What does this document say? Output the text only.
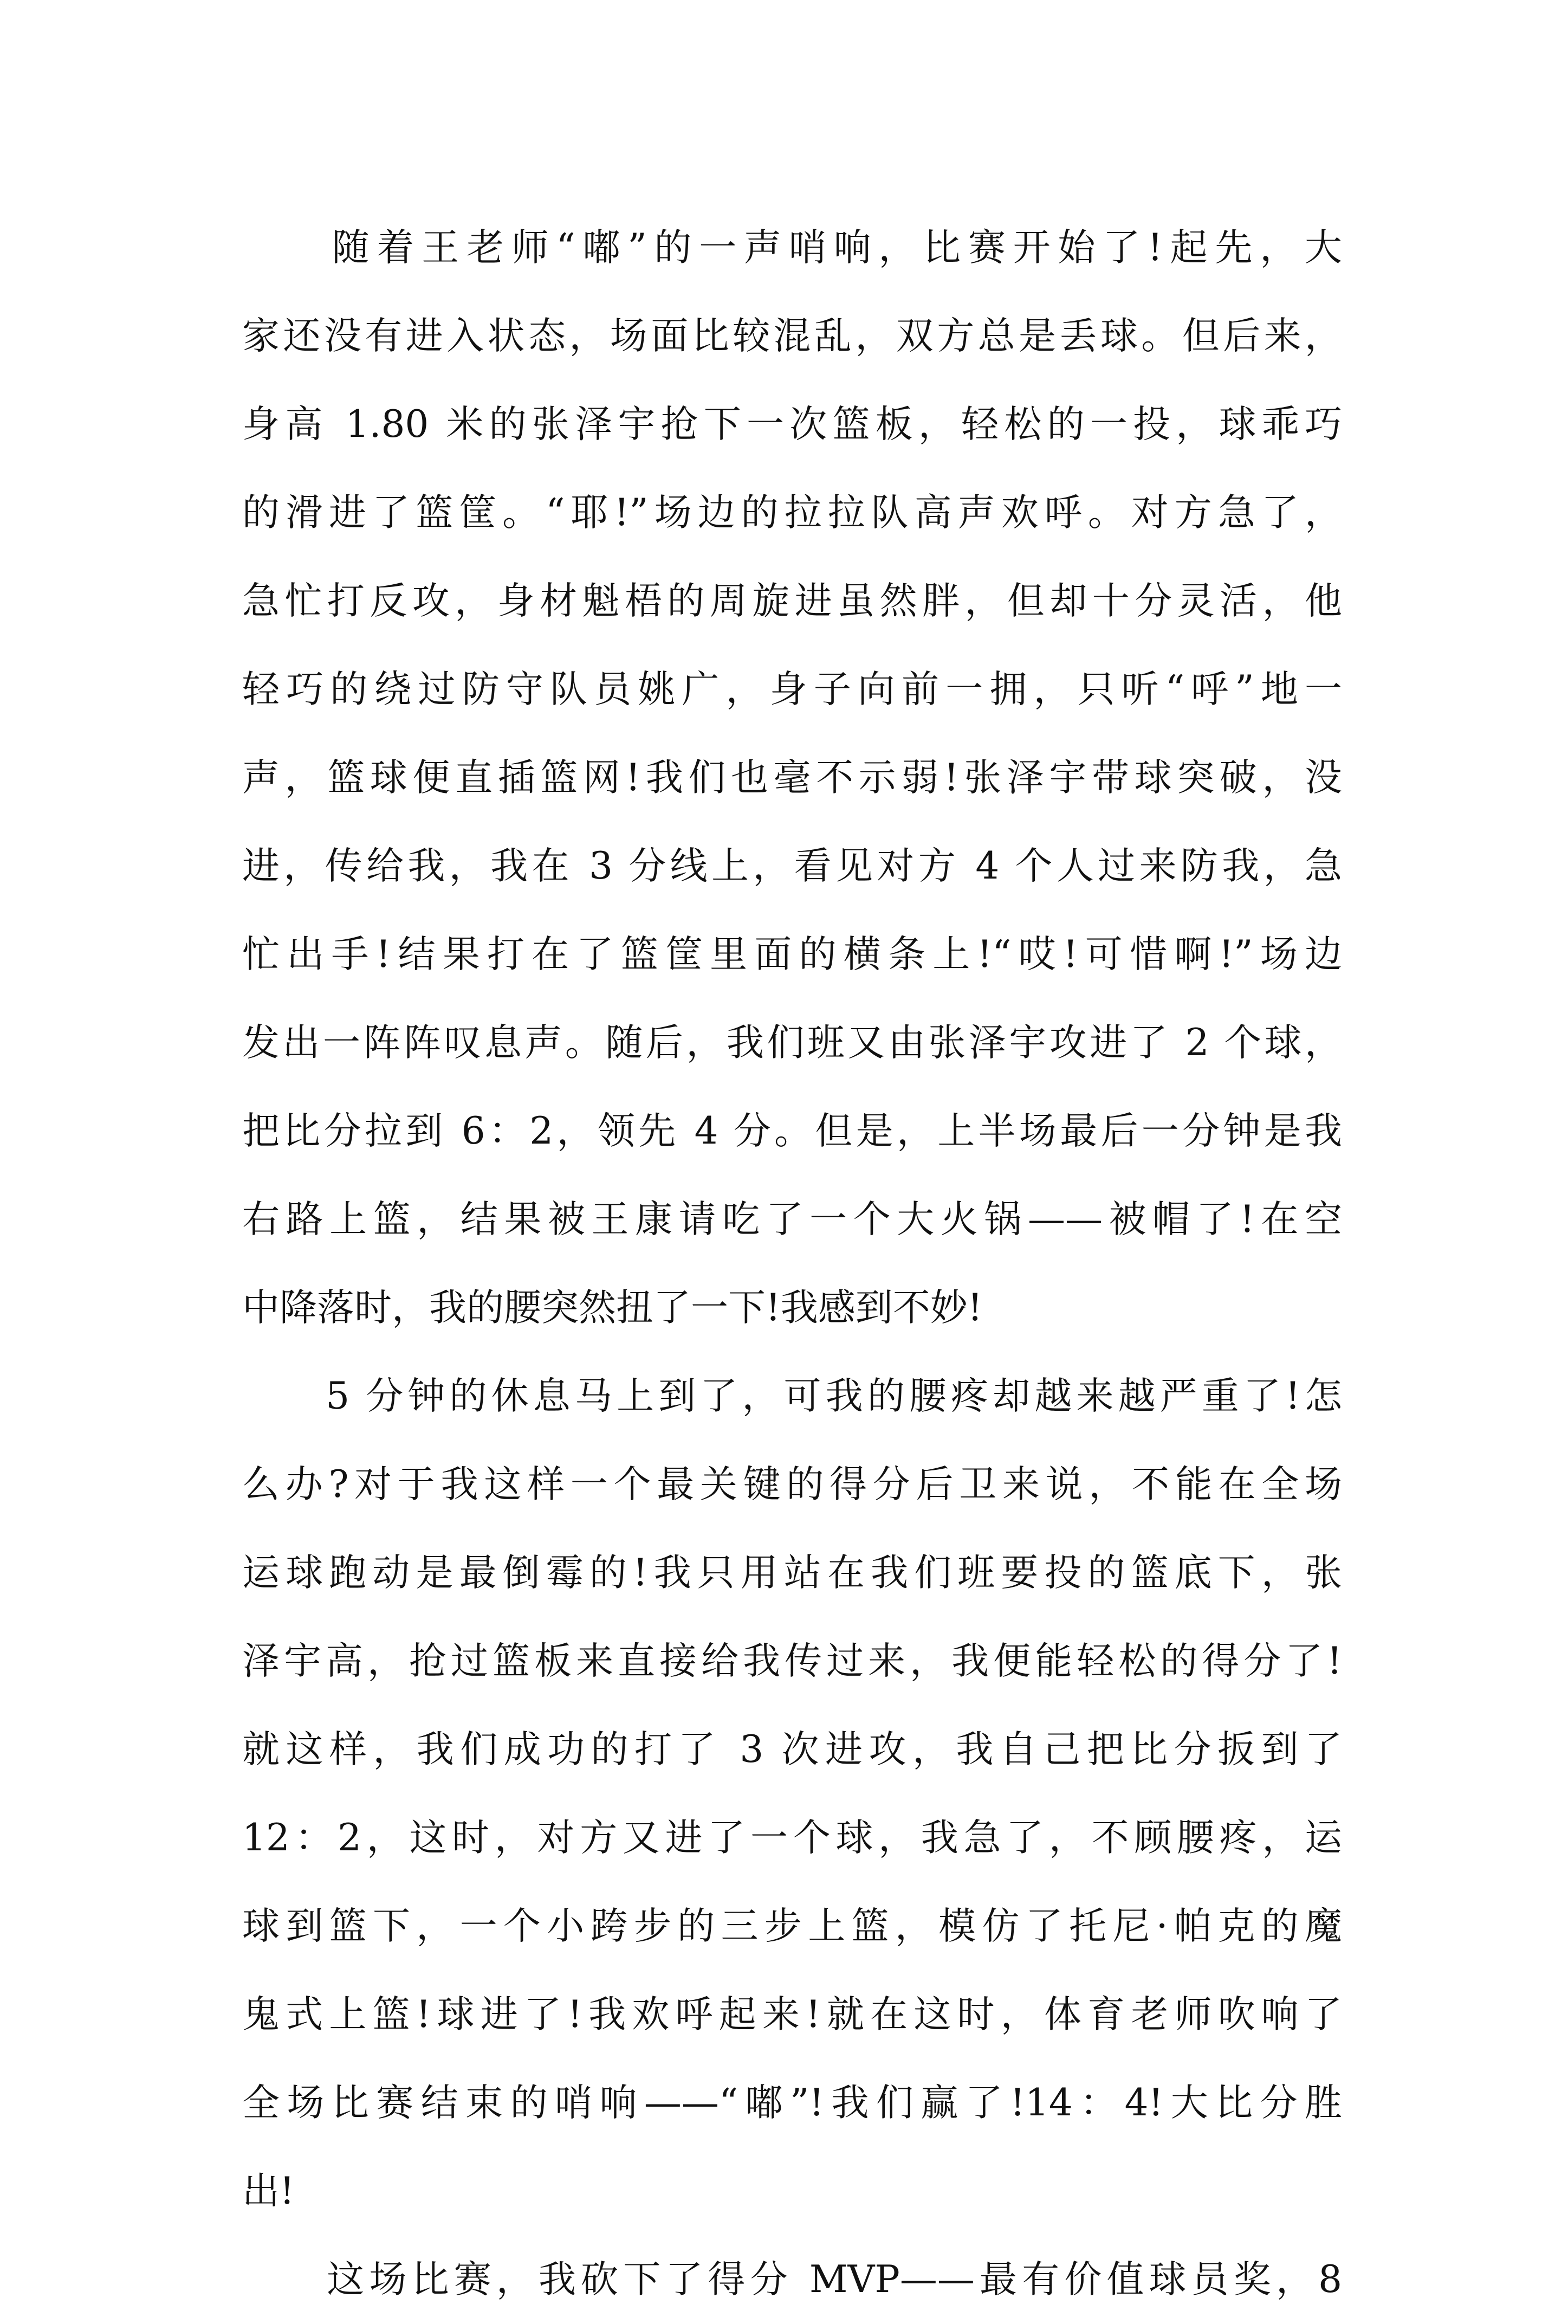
　　随着王老师“嘟”的一声哨响，比赛开始了!起先，大
家还没有进入状态，场面比较混乱，双方总是丢球。但后来，
身高 1.80 米的张泽宇抢下一次篮板，轻松的一投，球乖巧
的滑进了篮筐。“耶!”场边的拉拉队高声欢呼。对方急了，
急忙打反攻，身材魁梧的周旋进虽然胖，但却十分灵活，他
轻巧的绕过防守队员姚广，身子向前一拥，只听“呼”地一
声，篮球便直插篮网!我们也毫不示弱!张泽宇带球突破，没
进，传给我，我在 3 分线上，看见对方 4 个人过来防我，急
忙出手!结果打在了篮筐里面的横条上!“哎!可惜啊!”场边
发出一阵阵叹息声。随后，我们班又由张泽宇攻进了 2 个球，
把比分拉到 6：2，领先 4 分。但是，上半场最后一分钟是我
右路上篮，结果被王康请吃了一个大火锅——被帽了!在空
中降落时，我的腰突然扭了一下!我感到不妙!
　　5 分钟的休息马上到了，可我的腰疼却越来越严重了!怎
么办?对于我这样一个最关键的得分后卫来说，不能在全场
运球跑动是最倒霉的!我只用站在我们班要投的篮底下，张
泽宇高，抢过篮板来直接给我传过来，我便能轻松的得分了!
就这样，我们成功的打了 3 次进攻，我自己把比分扳到了
12：2，这时，对方又进了一个球，我急了，不顾腰疼，运
球到篮下，一个小跨步的三步上篮，模仿了托尼·帕克的魔
鬼式上篮!球进了!我欢呼起来!就在这时，体育老师吹响了
全场比赛结束的哨响——“嘟”!我们赢了!14：4!大比分胜
出!
　　这场比赛，我砍下了得分 MVP——最有价值球员奖，8
